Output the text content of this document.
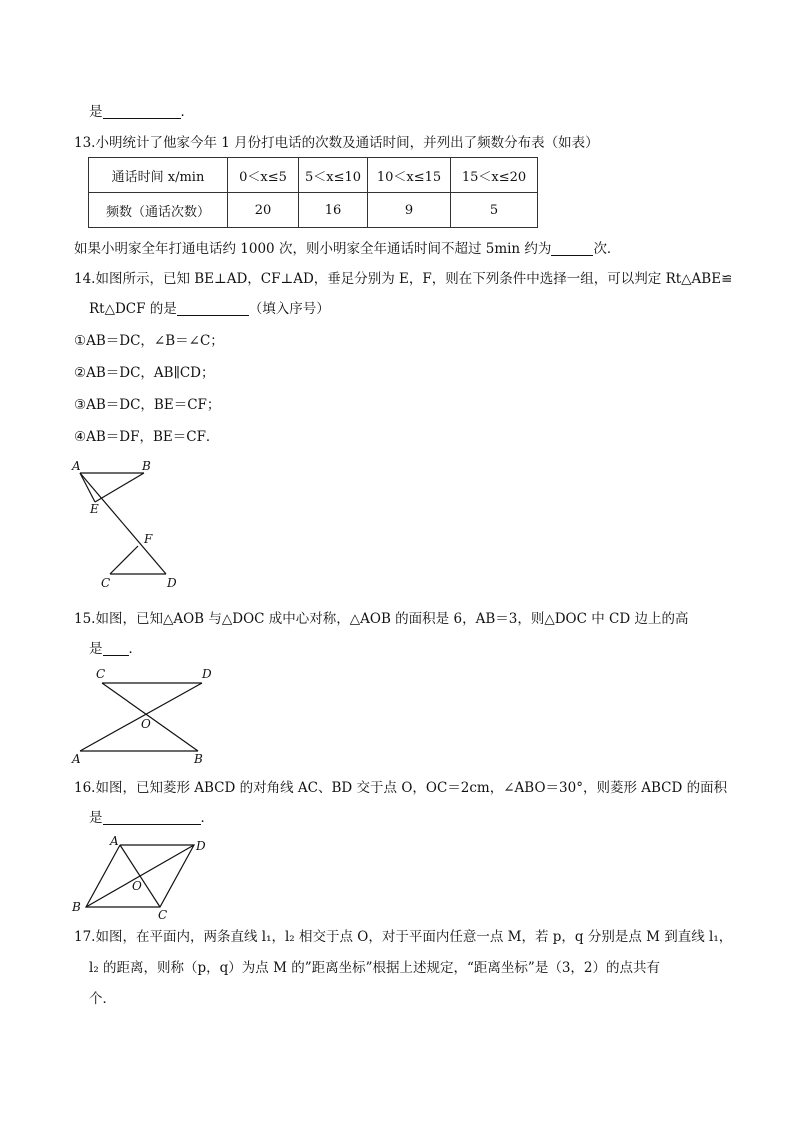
是	．
13.小明统计了他家今年 1 月份打电话的次数及通话时间，并列出了频数分布表（如表）
通话时间 x/min	0＜x≤5	5＜x≤10	10＜x≤15	15＜x≤20
频数（通话次数）	20	16	9	5
如果小明家全年打通电话约 1000 次，则小明家全年通话时间不超过 5min 约为	次．
14.如图所示，已知 BE⊥AD，CF⊥AD，垂足分别为 E，F，则在下列条件中选择一组，可以判定 Rt△ABE≌
Rt△DCF 的是	（填入序号）
①AB＝DC，∠B＝∠C；
②AB＝DC，AB∥CD；
③AB＝DC，BE＝CF；
④AB＝DF，BE＝CF．
A	B
E
F
C	D
15.如图，已知△AOB 与△DOC 成中心对称，△AOB 的面积是 6，AB＝3，则△DOC 中 CD 边上的高
是 ．
C	D
O
A	B
16.如图，已知菱形 ABCD 的对角线 AC、BD 交于点 O，OC＝2cm，∠ABO＝30°，则菱形 ABCD 的面积
是	．
A	D
O
B
C
17.如图，在平面内，两条直线 l₁，l₂ 相交于点 O，对于平面内任意一点 M，若 p，q 分别是点 M 到直线 l₁，
l₂ 的距离，则称（p，q）为点 M 的”距离坐标”根据上述规定，“距离坐标”是（3，2）的点共有
个．
